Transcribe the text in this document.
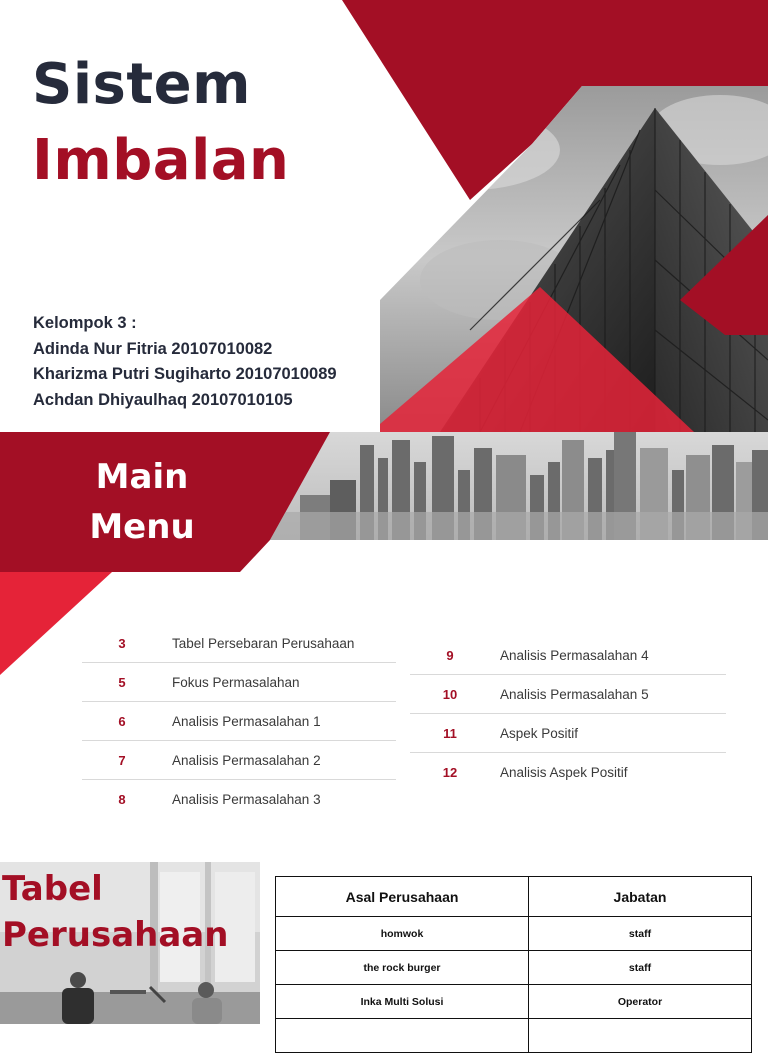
Sistem
Imbalan
Kelompok 3 :
Adinda Nur Fitria 20107010082
Kharizma Putri Sugiharto 20107010089
Achdan Dhiyaulhaq 20107010105
Main
Menu
3	Tabel Persebaran Perusahaan
5	Fokus Permasalahan
6	Analisis Permasalahan 1
7	Analisis Permasalahan 2
8	Analisis Permasalahan 3
9	Analisis Permasalahan 4
10	Analisis Permasalahan 5
11	Aspek Positif
12	Analisis Aspek Positif
Tabel
Perusahaan
Asal Perusahaan	Jabatan
homwok	staff
the rock burger	staff
Inka Multi Solusi	Operator
